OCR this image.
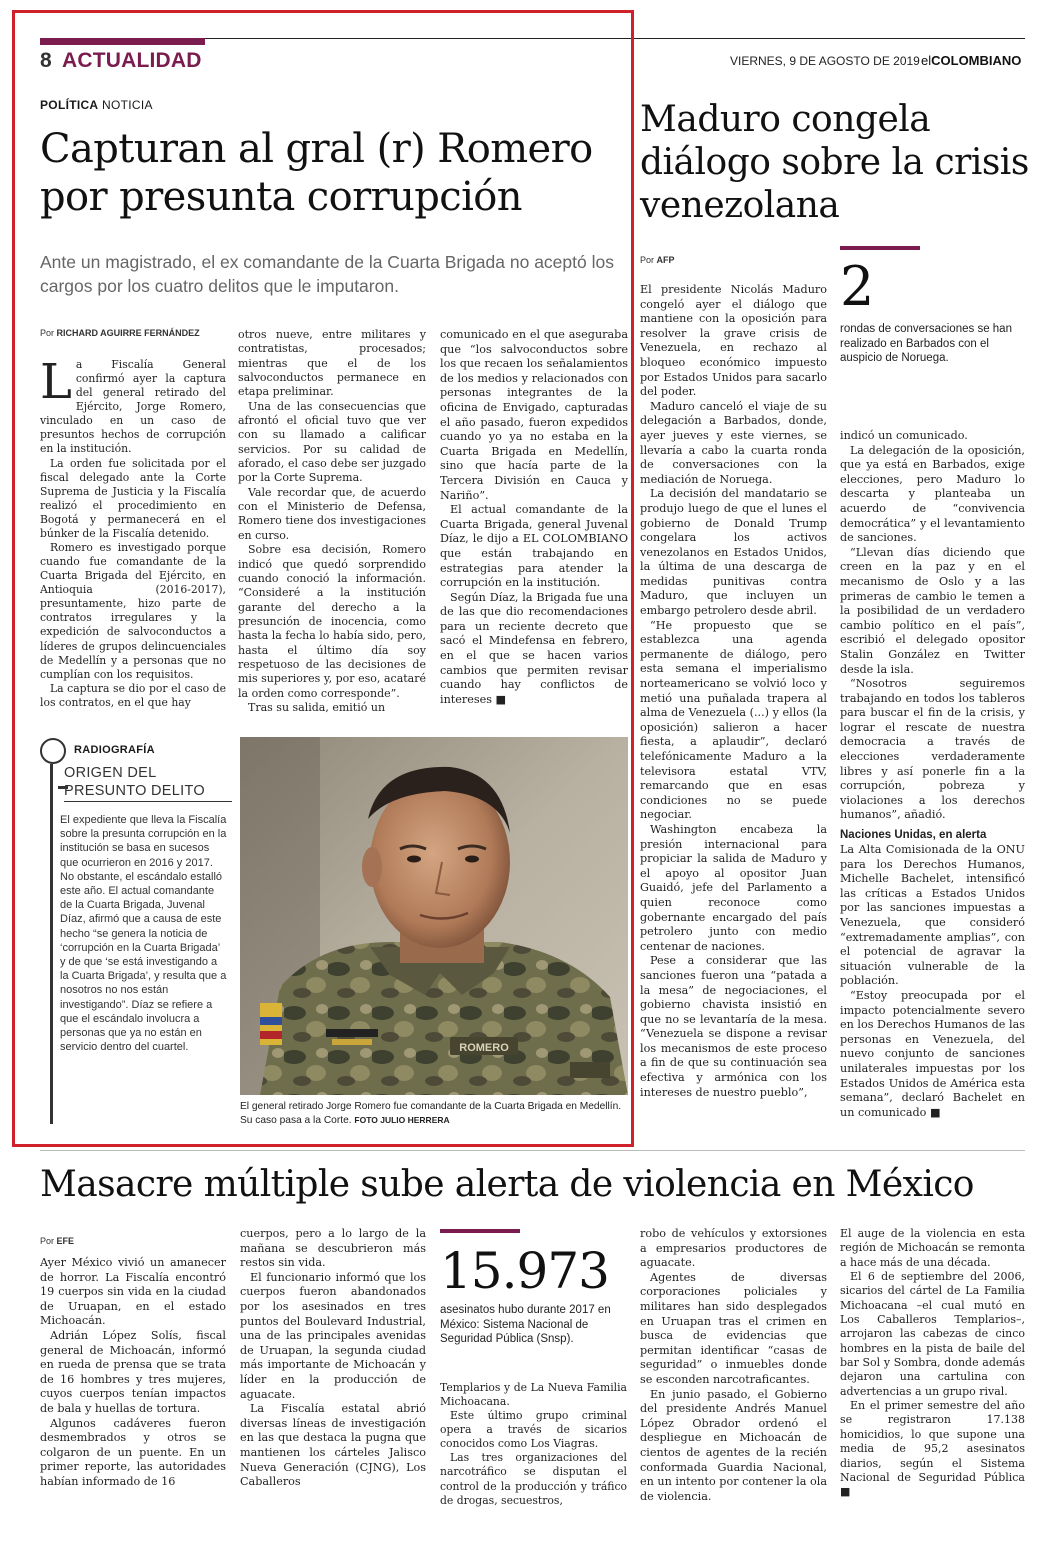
8 ACTUALIDAD	VIERNES, 9 DE AGOSTO DE 2019 elCOLOMBIANO
POLÍTICA NOTICIA
Capturan al gral (r) Romero por presunta corrupción
Ante un magistrado, el ex comandante de la Cuarta Brigada no aceptó los cargos por los cuatro delitos que le imputaron.
Por RICHARD AGUIRRE FERNÁNDEZ

La Fiscalía General confirmó ayer la captura del general retirado del Ejército, Jorge Romero, vinculado en un caso de presuntos hechos de corrupción en la institución.

La orden fue solicitada por el fiscal delegado ante la Corte Suprema de Justicia y la Fiscalía realizó el procedimiento en Bogotá y permanecerá en el búnker de la Fiscalía detenido.

Romero es investigado porque cuando fue comandante de la Cuarta Brigada del Ejército, en Antioquia (2016-2017), presuntamente, hizo parte de contratos irregulares y la expedición de salvoconductos a líderes de grupos delincuenciales de Medellín y a personas que no cumplían con los requisitos.

La captura se dio por el caso de los contratos, en el que hay

otros nueve, entre militares y contratistas, procesados; mientras que el de los salvoconductos permanece en etapa preliminar.

Una de las consecuencias que afrontó el oficial tuvo que ver con su llamado a calificar servicios. Por su calidad de aforado, el caso debe ser juzgado por la Corte Suprema.

Vale recordar que, de acuerdo con el Ministerio de Defensa, Romero tiene dos investigaciones en curso.

Sobre esa decisión, Romero indicó que quedó sorprendido cuando conoció la información. “Consideré a la institución garante del derecho a la presunción de inocencia, como hasta la fecha lo había sido, pero, hasta el último día soy respetuoso de las decisiones de mis superiores y, por eso, acataré la orden como corresponde”.

Tras su salida, emitió un

comunicado en el que aseguraba que “los salvoconductos sobre los que recaen los señalamientos de los medios y relacionados con personas integrantes de la oficina de Envigado, capturadas el año pasado, fueron expedidos cuando yo ya no estaba en la Cuarta Brigada en Medellín, sino que hacía parte de la Tercera División en Cauca y Nariño”.

El actual comandante de la Cuarta Brigada, general Juvenal Díaz, le dijo a EL COLOMBIANO que están trabajando en estrategias para atender la corrupción en la institución.

Según Díaz, la Brigada fue una de las que dio recomendaciones para un reciente decreto que sacó el Mindefensa en febrero, en el que se hacen varios cambios que permiten revisar cuando hay conflictos de intereses ■

RADIOGRAFÍA
ORIGEN DEL PRESUNTO DELITO
El expediente que lleva la Fiscalía sobre la presunta corrupción en la institución se basa en sucesos que ocurrieron en 2016 y 2017. No obstante, el escándalo estalló este año. El actual comandante de la Cuarta Brigada, Juvenal Díaz, afirmó que a causa de este hecho “se genera la noticia de ‘corrupción en la Cuarta Brigada’ y de que ‘se está investigando a la Cuarta Brigada’, y resulta que a nosotros no nos están investigando”. Díaz se refiere a que el escándalo involucra a personas que ya no están en servicio dentro del cuartel.	ROMERO
El general retirado Jorge Romero fue comandante de la Cuarta Brigada en Medellín. Su caso pasa a la Corte. FOTO JULIO HERRERA
Maduro congela diálogo sobre la crisis venezolana
Por AFP	2
rondas de conversaciones se han realizado en Barbados con el auspicio de Noruega.

El presidente Nicolás Maduro congeló ayer el diálogo que mantiene con la oposición para resolver la grave crisis de Venezuela, en rechazo al bloqueo económico impuesto por Estados Unidos para sacarlo del poder.

Maduro canceló el viaje de su delegación a Barbados, donde, ayer jueves y este viernes, se llevaría a cabo la cuarta ronda de conversaciones con la mediación de Noruega.

La decisión del mandatario se produjo luego de que el lunes el gobierno de Donald Trump congelara los activos venezolanos en Estados Unidos, la última de una descarga de medidas punitivas contra Maduro, que incluyen un embargo petrolero desde abril.

“He propuesto que se establezca una agenda permanente de diálogo, pero esta semana el imperialismo norteamericano se volvió loco y metió una puñalada trapera al alma de Venezuela (...) y ellos (la oposición) salieron a hacer fiesta, a aplaudir”, declaró telefónicamente Maduro a la televisora estatal VTV, remarcando que en esas condiciones no se puede negociar.

Washington encabeza la presión internacional para propiciar la salida de Maduro y el apoyo al opositor Juan Guaidó, jefe del Parlamento a quien reconoce como gobernante encargado del país petrolero junto con medio centenar de naciones.

Pese a considerar que las sanciones fueron una “patada a la mesa” de negociaciones, el gobierno chavista insistió en que no se levantaría de la mesa. “Venezuela se dispone a revisar los mecanismos de este proceso a fin de que su continuación sea efectiva y armónica con los intereses de nuestro pueblo”,

indicó un comunicado.

La delegación de la oposición, que ya está en Barbados, exige elecciones, pero Maduro lo descarta y planteaba un acuerdo de “convivencia democrática” y el levantamiento de sanciones.

“Llevan días diciendo que creen en la paz y en el mecanismo de Oslo y a las primeras de cambio le temen a la posibilidad de un verdadero cambio político en el país”, escribió el delegado opositor Stalin González en Twitter desde la isla.

“Nosotros seguiremos trabajando en todos los tableros para buscar el fin de la crisis, y lograr el rescate de nuestra democracia a través de elecciones verdaderamente libres y así ponerle fin a la corrupción, pobreza y violaciones a los derechos humanos”, añadió.

Naciones Unidas, en alerta

La Alta Comisionada de la ONU para los Derechos Humanos, Michelle Bachelet, intensificó las críticas a Estados Unidos por las sanciones impuestas a Venezuela, que consideró “extremadamente amplias”, con el potencial de agravar la situación vulnerable de la población.

“Estoy preocupada por el impacto potencialmente severo en los Derechos Humanos de las personas en Venezuela, del nuevo conjunto de sanciones unilaterales impuestas por los Estados Unidos de América esta semana”, declaró Bachelet en un comunicado ■

Masacre múltiple sube alerta de violencia en México
Por EFE

Ayer México vivió un amanecer de horror. La Fiscalía encontró 19 cuerpos sin vida en la ciudad de Uruapan, en el estado Michoacán.

Adrián López Solís, fiscal general de Michoacán, informó en rueda de prensa que se trata de 16 hombres y tres mujeres, cuyos cuerpos tenían impactos de bala y huellas de tortura.

Algunos cadáveres fueron desmembrados y otros se colgaron de un puente. En un primer reporte, las autoridades habían informado de 16

cuerpos, pero a lo largo de la mañana se descubrieron más restos sin vida.

El funcionario informó que los cuerpos fueron abandonados por los asesinados en tres puntos del Boulevard Industrial, una de las principales avenidas de Uruapan, la segunda ciudad más importante de Michoacán y líder en la producción de aguacate.

La Fiscalía estatal abrió diversas líneas de investigación en las que destaca la pugna que mantienen los cárteles Jalisco Nueva Generación (CJNG), Los Caballeros

15.973
asesinatos hubo durante 2017 en México: Sistema Nacional de Seguridad Pública (Snsp).

Templarios y de La Nueva Familia Michoacana.

Este último grupo criminal opera a través de sicarios conocidos como Los Viagras.

Las tres organizaciones del narcotráfico se disputan el control de la producción y tráfico de drogas, secuestros,

robo de vehículos y extorsiones a empresarios productores de aguacate.

Agentes de diversas corporaciones policiales y militares han sido desplegados en Uruapan tras el crimen en busca de evidencias que permitan identificar “casas de seguridad” o inmuebles donde se esconden narcotraficantes.

En junio pasado, el Gobierno del presidente Andrés Manuel López Obrador ordenó el despliegue en Michoacán de cientos de agentes de la recién conformada Guardia Nacional, en un intento por contener la ola de violencia.

El auge de la violencia en esta región de Michoacán se remonta a hace más de una década.

El 6 de septiembre del 2006, sicarios del cártel de La Familia Michoacana –el cual mutó en Los Caballeros Templarios–, arrojaron las cabezas de cinco hombres en la pista de baile del bar Sol y Sombra, donde además dejaron una cartulina con advertencias a un grupo rival.

En el primer semestre del año se registraron 17.138 homicidios, lo que supone una media de 95,2 asesinatos diarios, según el Sistema Nacional de Seguridad Pública ■
